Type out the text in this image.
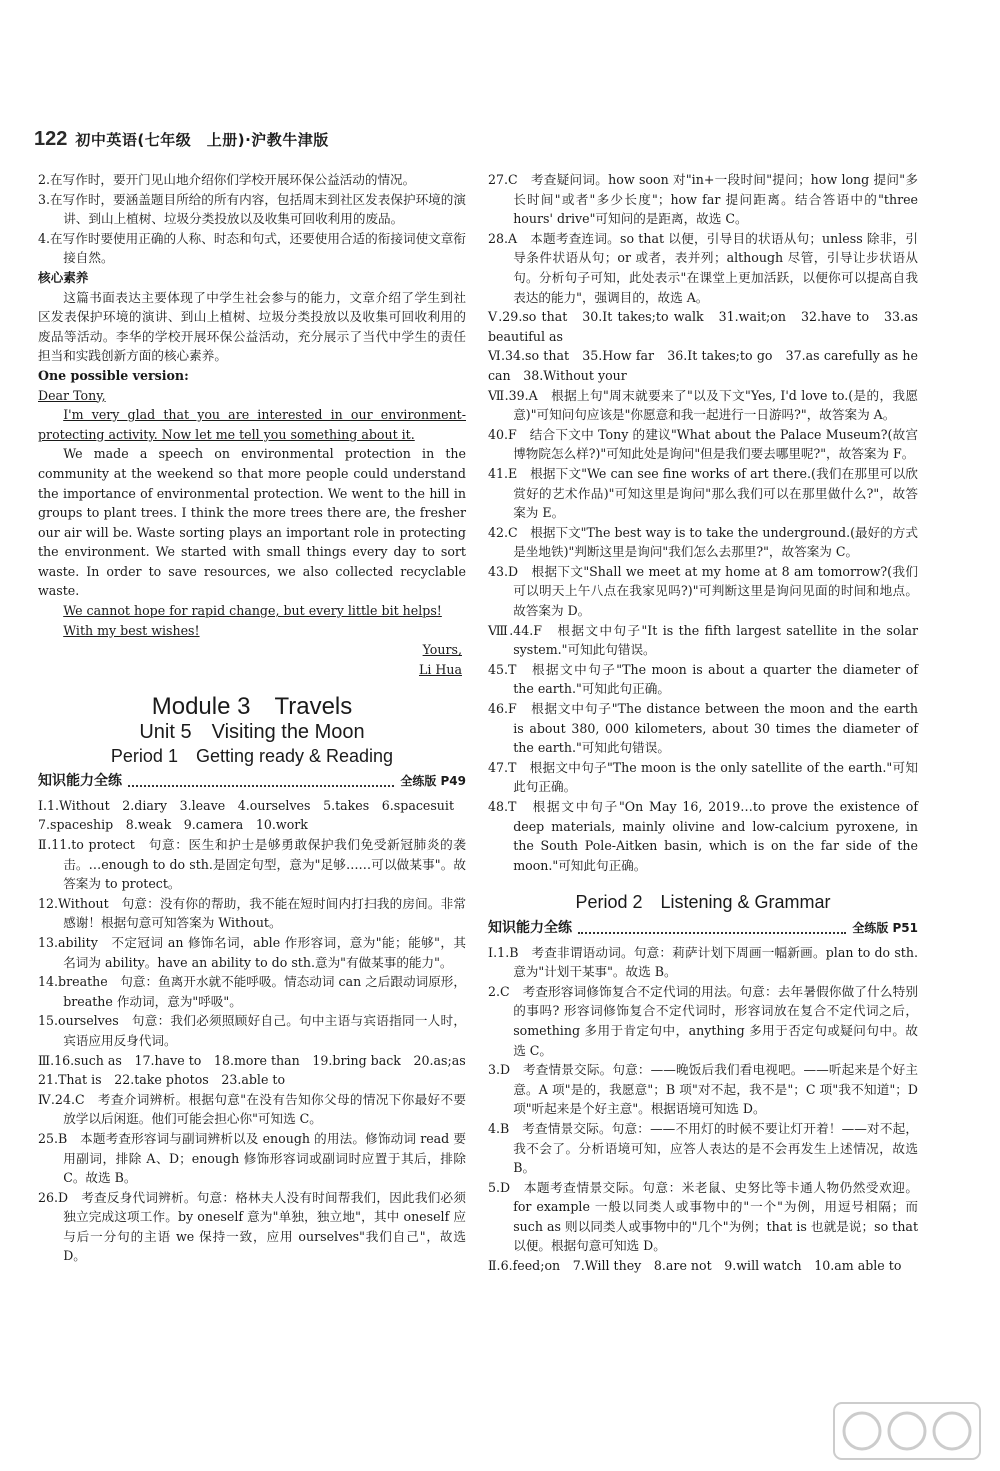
122 初中英语(七年级　上册)·沪教牛津版

2.在写作时，要开门见山地介绍你们学校开展环保公益活动的情况。

3.在写作时，要涵盖题目所给的所有内容，包括周末到社区发表保护环境的演讲、到山上植树、垃圾分类投放以及收集可回收利用的废品。

4.在写作时要使用正确的人称、时态和句式，还要使用合适的衔接词使文章衔接自然。

核心素养

这篇书面表达主要体现了中学生社会参与的能力，文章介绍了学生到社区发表保护环境的演讲、到山上植树、垃圾分类投放以及收集可回收利用的废品等活动。李华的学校开展环保公益活动，充分展示了当代中学生的责任担当和实践创新方面的核心素养。

One possible version:

Dear Tony,

I'm very glad that you are interested in our environment-protecting activity. Now let me tell you something about it.

We made a speech on environmental protection in the community at the weekend so that more people could understand the importance of environmental protection. We went to the hill in groups to plant trees. I think the more trees there are, the fresher our air will be. Waste sorting plays an important role in protecting the environment. We started with small things every day to sort waste. In order to save resources, we also collected recyclable waste.

We cannot hope for rapid change, but every little bit helps!

With my best wishes!

Yours,

Li Hua

Module 3　Travels
Unit 5　Visiting the Moon
Period 1　Getting ready & Reading
知识能力全练	全练版 P49

Ⅰ.1.Without　2.diary　3.leave　4.ourselves　5.takes　6.spacesuit

7.spaceship　8.weak　9.camera　10.work

Ⅱ.11.to protect　句意：医生和护士是够勇敢保护我们免受新冠肺炎的袭击。…enough to do sth.是固定句型，意为"足够……可以做某事"。故答案为 to protect。

12.Without　句意：没有你的帮助，我不能在短时间内打扫我的房间。非常感谢！根据句意可知答案为 Without。

13.ability　不定冠词 an 修饰名词，able 作形容词，意为"能；能够"，其名词为 ability。have an ability to do sth.意为"有做某事的能力"。

14.breathe　句意：鱼离开水就不能呼吸。情态动词 can 之后跟动词原形，breathe 作动词，意为"呼吸"。

15.ourselves　句意：我们必须照顾好自己。句中主语与宾语指同一人时，宾语应用反身代词。

Ⅲ.16.such as　17.have to　18.more than　19.bring back　20.as;as

21.That is　22.take photos　23.able to

Ⅳ.24.C　考查介词辨析。根据句意"在没有告知你父母的情况下你最好不要放学以后闲逛。他们可能会担心你"可知选 C。

25.B　本题考查形容词与副词辨析以及 enough 的用法。修饰动词 read 要用副词，排除 A、D；enough 修饰形容词或副词时应置于其后，排除 C。故选 B。

26.D　考查反身代词辨析。句意：格林夫人没有时间帮我们，因此我们必须独立完成这项工作。by oneself 意为"单独，独立地"，其中 oneself 应与后一分句的主语 we 保持一致，应用 ourselves"我们自己"，故选 D。

27.C　考查疑问词。how soon 对"in+一段时间"提问；how long 提问"多长时间"或者"多少长度"；how far 提问距离。结合答语中的"three hours' drive"可知问的是距离，故选 C。

28.A　本题考查连词。so that 以便，引导目的状语从句；unless 除非，引导条件状语从句；or 或者，表并列；although 尽管，引导让步状语从句。分析句子可知，此处表示"在课堂上更加活跃，以便你可以提高自我表达的能力"，强调目的，故选 A。

Ⅴ.29.so that　30.It takes;to walk　31.wait;on　32.have to　33.as beautiful as

Ⅵ.34.so that　35.How far　36.It takes;to go　37.as carefully as he can　38.Without your

Ⅶ.39.A　根据上句"周末就要来了"以及下文"Yes, I'd love to.(是的，我愿意)"可知问句应该是"你愿意和我一起进行一日游吗?"，故答案为 A。

40.F　结合下文中 Tony 的建议"What about the Palace Museum?(故宫博物院怎么样?)"可知此处是询问"但是我们要去哪里呢?"，故答案为 F。

41.E　根据下文"We can see fine works of art there.(我们在那里可以欣赏好的艺术作品)"可知这里是询问"那么我们可以在那里做什么?"，故答案为 E。

42.C　根据下文"The best way is to take the underground.(最好的方式是坐地铁)"判断这里是询问"我们怎么去那里?"，故答案为 C。

43.D　根据下文"Shall we meet at my home at 8 am tomorrow?(我们可以明天上午八点在我家见吗?)"可判断这里是询问见面的时间和地点。故答案为 D。

Ⅷ.44.F　根据文中句子"It is the fifth largest satellite in the solar system."可知此句错误。

45.T　根据文中句子"The moon is about a quarter the diameter of the earth."可知此句正确。

46.F　根据文中句子"The distance between the moon and the earth is about 380, 000 kilometers, about 30 times the diameter of the earth."可知此句错误。

47.T　根据文中句子"The moon is the only satellite of the earth."可知此句正确。

48.T　根据文中句子"On May 16, 2019…to prove the existence of deep materials, mainly olivine and low-calcium pyroxene, in the South Pole-Aitken basin, which is on the far side of the moon."可知此句正确。

Period 2　Listening & Grammar
知识能力全练	全练版 P51

Ⅰ.1.B　考查非谓语动词。句意：莉萨计划下周画一幅新画。plan to do sth.意为"计划干某事"。故选 B。

2.C　考查形容词修饰复合不定代词的用法。句意：去年暑假你做了什么特别的事吗? 形容词修饰复合不定代词时，形容词放在复合不定代词之后，something 多用于肯定句中，anything 多用于否定句或疑问句中。故选 C。

3.D　考查情景交际。句意：——晚饭后我们看电视吧。——听起来是个好主意。A 项"是的，我愿意"；B 项"对不起，我不是"；C 项"我不知道"；D 项"听起来是个好主意"。根据语境可知选 D。

4.B　考查情景交际。句意：——不用灯的时候不要让灯开着！——对不起，我不会了。分析语境可知，应答人表达的是不会再发生上述情况，故选 B。

5.D　本题考查情景交际。句意：米老鼠、史努比等卡通人物仍然受欢迎。for example 一般以同类人或事物中的"一个"为例，用逗号相隔；而 such as 则以同类人或事物中的"几个"为例；that is 也就是说；so that 以便。根据句意可知选 D。

Ⅱ.6.feed;on　7.Will they　8.are not　9.will watch　10.am able to
